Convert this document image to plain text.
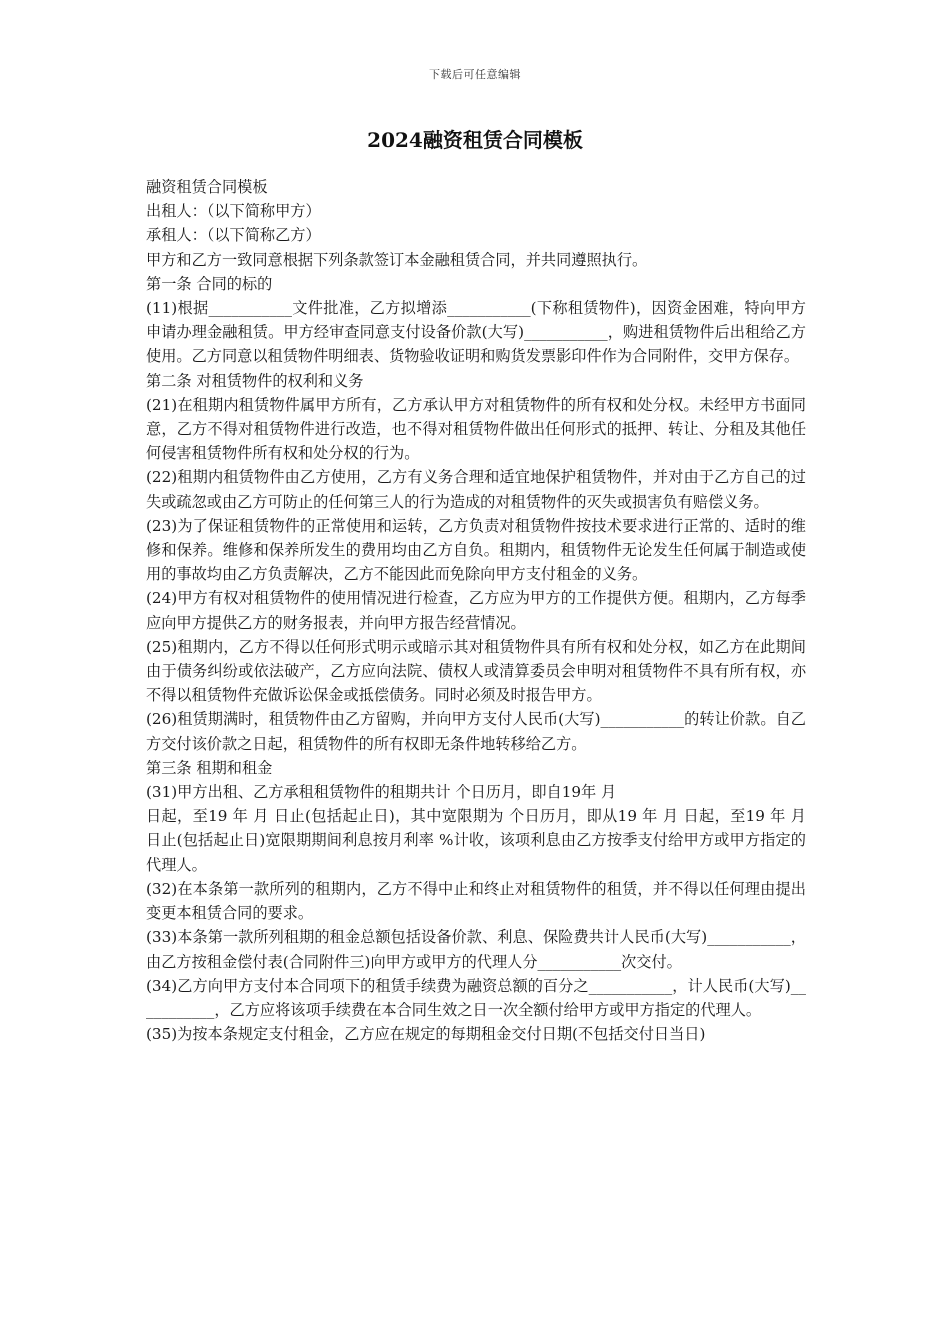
下载后可任意编辑
2024融资租赁合同模板

融资租赁合同模板

出租人：（以下简称甲方）

承租人：（以下简称乙方）

甲方和乙方一致同意根据下列条款签订本金融租赁合同，并共同遵照执行。

第一条 合同的标的

(11)根据___________文件批准，乙方拟增添___________(下称租赁物件)，因资金困难，特向甲方申请办理金融租赁。甲方经审查同意支付设备价款(大写)___________，购进租赁物件后出租给乙方使用。乙方同意以租赁物件明细表、货物验收证明和购货发票影印件作为合同附件，交甲方保存。

第二条 对租赁物件的权利和义务

(21)在租期内租赁物件属甲方所有，乙方承认甲方对租赁物件的所有权和处分权。未经甲方书面同意，乙方不得对租赁物件进行改造，也不得对租赁物件做出任何形式的抵押、转让、分租及其他任何侵害租赁物件所有权和处分权的行为。

(22)租期内租赁物件由乙方使用，乙方有义务合理和适宜地保护租赁物件，并对由于乙方自己的过失或疏忽或由乙方可防止的任何第三人的行为造成的对租赁物件的灭失或损害负有赔偿义务。

(23)为了保证租赁物件的正常使用和运转，乙方负责对租赁物件按技术要求进行正常的、适时的维修和保养。维修和保养所发生的费用均由乙方自负。租期内，租赁物件无论发生任何属于制造或使用的事故均由乙方负责解决，乙方不能因此而免除向甲方支付租金的义务。

(24)甲方有权对租赁物件的使用情况进行检查，乙方应为甲方的工作提供方便。租期内，乙方每季应向甲方提供乙方的财务报表，并向甲方报告经营情况。

(25)租期内，乙方不得以任何形式明示或暗示其对租赁物件具有所有权和处分权，如乙方在此期间由于债务纠纷或依法破产，乙方应向法院、债权人或清算委员会申明对租赁物件不具有所有权，亦不得以租赁物件充做诉讼保金或抵偿债务。同时必须及时报告甲方。

(26)租赁期满时，租赁物件由乙方留购，并向甲方支付人民币(大写)___________的转让价款。自乙方交付该价款之日起，租赁物件的所有权即无条件地转移给乙方。

第三条 租期和租金

(31)甲方出租、乙方承租租赁物件的租期共计 个日历月，即自19年 月

日起，至19 年 月 日止(包括起止日)，其中宽限期为 个日历月，即从19 年 月 日起，至19 年 月 日止(包括起止日)宽限期期间利息按月利率 %计收，该项利息由乙方按季支付给甲方或甲方指定的代理人。

(32)在本条第一款所列的租期内，乙方不得中止和终止对租赁物件的租赁，并不得以任何理由提出变更本租赁合同的要求。

(33)本条第一款所列租期的租金总额包括设备价款、利息、保险费共计人民币(大写)___________，由乙方按租金偿付表(合同附件三)向甲方或甲方的代理人分___________次交付。

(34)乙方向甲方支付本合同项下的租赁手续费为融资总额的百分之___________，计人民币(大写)___________，乙方应将该项手续费在本合同生效之日一次全额付给甲方或甲方指定的代理人。

(35)为按本条规定支付租金，乙方应在规定的每期租金交付日期(不包括交付日当日)
